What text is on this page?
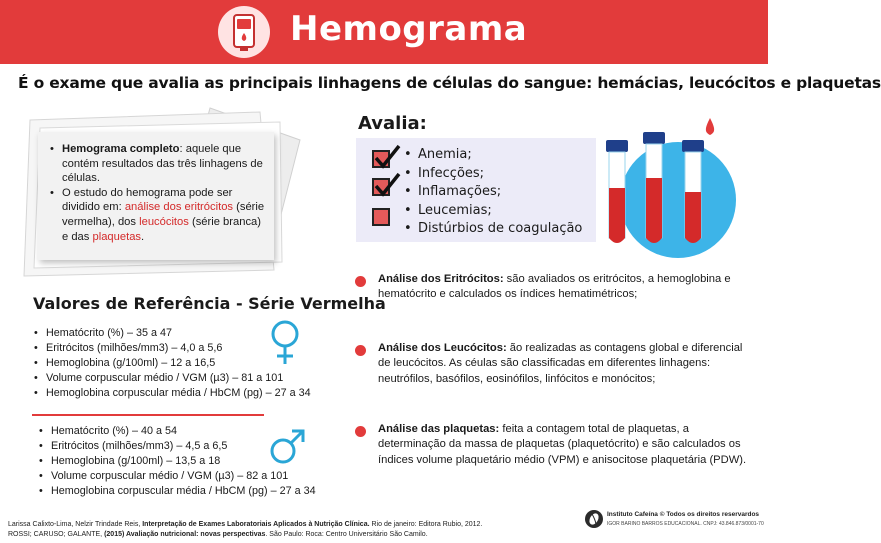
Hemograma
É o exame que avalia as principais linhagens de células do sangue: hemácias, leucócitos e plaquetas
• Hemograma completo: aquele que contém resultados das três linhagens de células.
• O estudo do hemograma pode ser dividido em: análise dos eritrócitos (série vermelha), dos leucócitos (série branca) e das plaquetas.
Valores de Referência - Série Vermelha
• Hematócrito (%) – 35 a 47
• Eritrócitos (milhões/mm3) – 4,0 a 5,6
• Hemoglobina (g/100ml) – 12 a 16,5
• Volume corpuscular médio / VGM (µ3) – 81 a 101
• Hemoglobina corpuscular média / HbCM (pg) – 27 a 34
• Hematócrito (%) – 40 a 54
• Eritrócitos (milhões/mm3) – 4,5 a 6,5
• Hemoglobina (g/100ml) – 13,5 a 18
• Volume corpuscular médio / VGM (µ3) – 82 a 101
• Hemoglobina corpuscular média / HbCM (pg) – 27 a 34
Avalia:
• Anemia;
• Infecções;
• Inflamações;
• Leucemias;
• Distúrbios de coagulação
Análise dos Eritrócitos: são avaliados os eritrócitos, a hemoglobina e hematócrito e calculados os índices hematimétricos;
Análise dos Leucócitos: ão realizadas as contagens global e diferencial de leucócitos. As céulas são classificadas em diferentes linhagens: neutrófilos, basófilos, eosinófilos, linfócitos e monócitos;
Análise das plaquetas: feita a contagem total de plaquetas, a determinação da massa de plaquetas (plaquetócrito) e são calculados os índices volume plaquetário médio (VPM) e anisocitose plaquetária (PDW).
Larissa Calixto-Lima, Nelzir Trindade Reis, Interpretação de Exames Laboratoriais Aplicados à Nutrição Clínica. Rio de janeiro: Editora Rubio, 2012.
ROSSI; CARUSO; GALANTE, (2015) Avaliação nutricional: novas perspectivas. São Paulo: Roca: Centro Universitário São Camilo.
Instituto Cafeína © Todos os direitos reservardos
IGOR BARINO BARROS EDUCACIONAL. CNPJ: 43.846.873/0001-70
